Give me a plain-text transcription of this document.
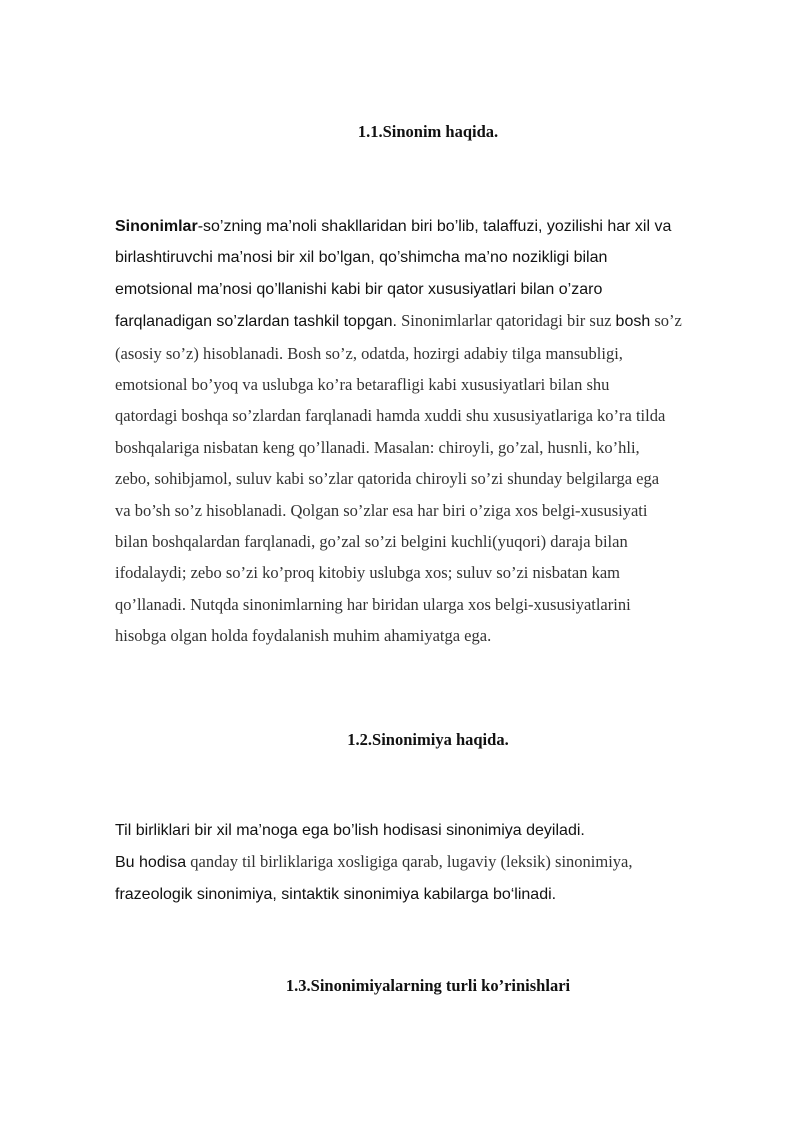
1.1.Sinonim haqida.

Sinonimlar-so’zning ma’noli shakllaridan biri bo’lib, talaffuzi, yozilishi har xil va
birlashtiruvchi ma’nosi bir xil bo’lgan, qo’shimcha ma’no nozikligi bilan
emotsional ma’nosi qo’llanishi kabi bir qator xususiyatlari bilan o’zaro
farqlanadigan so’zlardan tashkil topgan. Sinonimlarlar qatoridagi bir suz bosh so’z
(asosiy so’z) hisoblanadi. Bosh so’z, odatda, hozirgi adabiy tilga mansubligi,
emotsional bo’yoq va uslubga ko’ra betarafligi kabi xususiyatlari bilan shu
qatordagi boshqa so’zlardan farqlanadi hamda xuddi shu xususiyatlariga ko’ra tilda
boshqalariga nisbatan keng qo’llanadi. Masalan: chiroyli, go’zal, husnli, ko’hli,
zebo, sohibjamol, suluv kabi so’zlar qatorida chiroyli so’zi shunday belgilarga ega
va bo’sh so’z hisoblanadi. Qolgan so’zlar esa har biri o’ziga xos belgi-xususiyati
bilan boshqalardan farqlanadi, go’zal so’zi belgini kuchli(yuqori) daraja bilan
ifodalaydi; zebo so’zi ko’proq kitobiy uslubga xos; suluv so’zi nisbatan kam
qo’llanadi. Nutqda sinonimlarning har biridan ularga xos belgi-xususiyatlarini
hisobga olgan holda foydalanish muhim ahamiyatga ega.

1.2.Sinonimiya haqida.

Til birliklari bir xil ma’noga ega bo’lish hodisasi sinonimiya deyiladi.
Bu hodisa qanday til birliklariga xosligiga qarab, lugaviy (leksik) sinonimiya,
frazeologik sinonimiya, sintaktik sinonimiya kabilarga bo‘linadi.

1.3.Sinonimiyalarning turli ko’rinishlari
